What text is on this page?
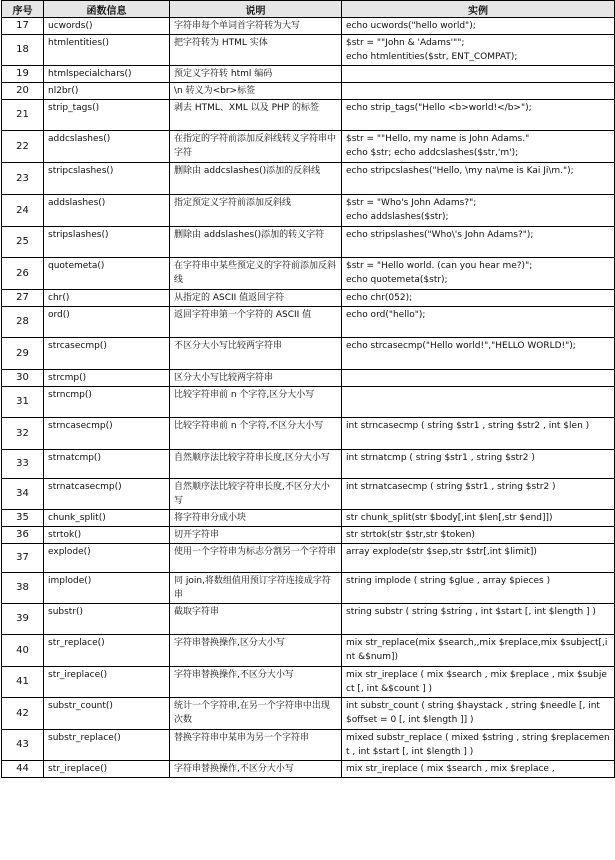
序号	函数信息	说明	实例
17	ucwords()	字符串每个单词首字符转为大写	echo ucwords("hello world");
18	htmlentities()	把字符转为 HTML 实体	$str = ""John & 'Adams'"";
echo htmlentities($str, ENT_COMPAT);

19	htmlspecialchars()	预定义字符转 html 编码	
20	nl2br()	\n 转义为<br>标签	
21	strip_tags()	剥去 HTML、XML 以及 PHP 的标签	echo strip_tags("Hello <b>world!</b>");
22	addcslashes()	在指定的字符前添加反斜线转义字符串中字符	$str = ""Hello, my name is John Adams."
echo $str; echo addcslashes($str,'m');

23	stripcslashes()	删除由 addcslashes()添加的反斜线	echo stripcslashes("Hello, \my na\me is Kai Ji\m.");
24	addslashes()	指定预定义字符前添加反斜线	$str = "Who's John Adams?";
echo addslashes($str);

25	stripslashes()	删除由 addslashes()添加的转义字符	echo stripslashes("Who\'s John Adams?");
26	quotemeta()	在字符串中某些预定义的字符前添加反斜线	$str = "Hello world. (can you hear me?)";
echo quotemeta($str);

27	chr()	从指定的 ASCII 值返回字符	echo chr(052);
28	ord()	返回字符串第一个字符的 ASCII 值	echo ord("hello");
29	strcasecmp()	不区分大小写比较两字符串	echo strcasecmp("Hello world!","HELLO WORLD!");
30	strcmp()	区分大小写比较两字符串	
31	strncmp()	比较字符串前 n 个字符,区分大小写	
32	strncasecmp()	比较字符串前 n 个字符,不区分大小写	int strncasecmp ( string $str1 , string $str2 , int $len )
33	strnatcmp()	自然顺序法比较字符串长度,区分大小写	int strnatcmp ( string $str1 , string $str2 )
34	strnatcasecmp()	自然顺序法比较字符串长度,不区分大小写	int strnatcasecmp ( string $str1 , string $str2 )
35	chunk_split()	将字符串分成小块	str chunk_split(str $body[,int $len[,str $end]])
36	strtok()	切开字符串	str strtok(str $str,str $token)
37	explode()	使用一个字符串为标志分割另一个字符串	array explode(str $sep,str $str[,int $limit])
38	implode()	同 join,将数组值用预订字符连接成字符串	string implode ( string $glue , array $pieces )
39	substr()	截取字符串	string substr ( string $string , int $start [, int $length ] )
40	str_replace()	字符串替换操作,区分大小写	mix str_replace(mix $search,,mix $replace,mix $subject[,int &$num])
41	str_ireplace()	字符串替换操作,不区分大小写	mix str_ireplace ( mix $search , mix $replace , mix $subject [, int &$count ] )
42	substr_count()	统计一个字符串,在另一个字符串中出现次数	int substr_count ( string $haystack , string $needle [, int $offset = 0 [, int $length ]] )
43	substr_replace()	替换字符串中某串为另一个字符串	mixed substr_replace ( mixed $string , string $replacement , int $start [, int $length ] )
44	str_ireplace()	字符串替换操作,不区分大小写	mix str_ireplace ( mix $search , mix $replace ,
